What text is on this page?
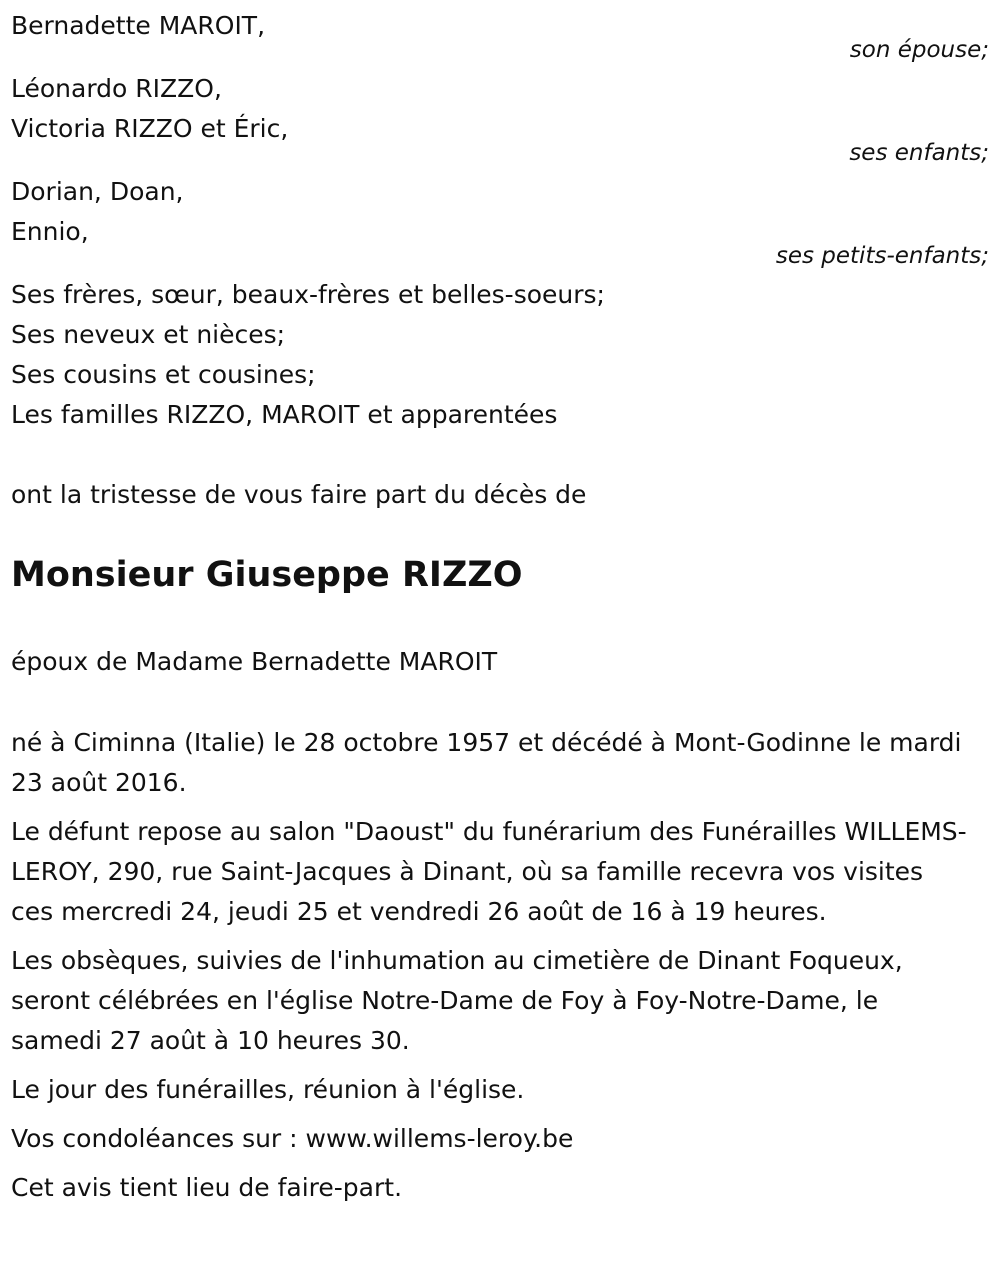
Bernadette MAROIT,
son épouse;
Léonardo RIZZO,
Victoria RIZZO et Éric,
ses enfants;
Dorian, Doan,
Ennio,
ses petits-enfants;
Ses frères, sœur, beaux-frères et belles-soeurs;
Ses neveux et nièces;
Ses cousins et cousines;
Les familles RIZZO, MAROIT et apparentées
ont la tristesse de vous faire part du décès de
Monsieur Giuseppe RIZZO
époux de Madame Bernadette MAROIT
né à Ciminna (Italie) le 28 octobre 1957 et décédé à Mont-Godinne le mardi 23 août 2016.
Le défunt repose au salon "Daoust" du funérarium des Funérailles WILLEMS-LEROY, 290, rue Saint-Jacques à Dinant, où sa famille recevra vos visites ces mercredi 24, jeudi 25 et vendredi 26 août de 16 à 19 heures.
Les obsèques, suivies de l'inhumation au cimetière de Dinant Foqueux, seront célébrées en l'église Notre-Dame de Foy à Foy-Notre-Dame, le samedi 27 août à 10 heures 30.
Le jour des funérailles, réunion à l'église.
Vos condoléances sur : www.willems-leroy.be
Cet avis tient lieu de faire-part.
